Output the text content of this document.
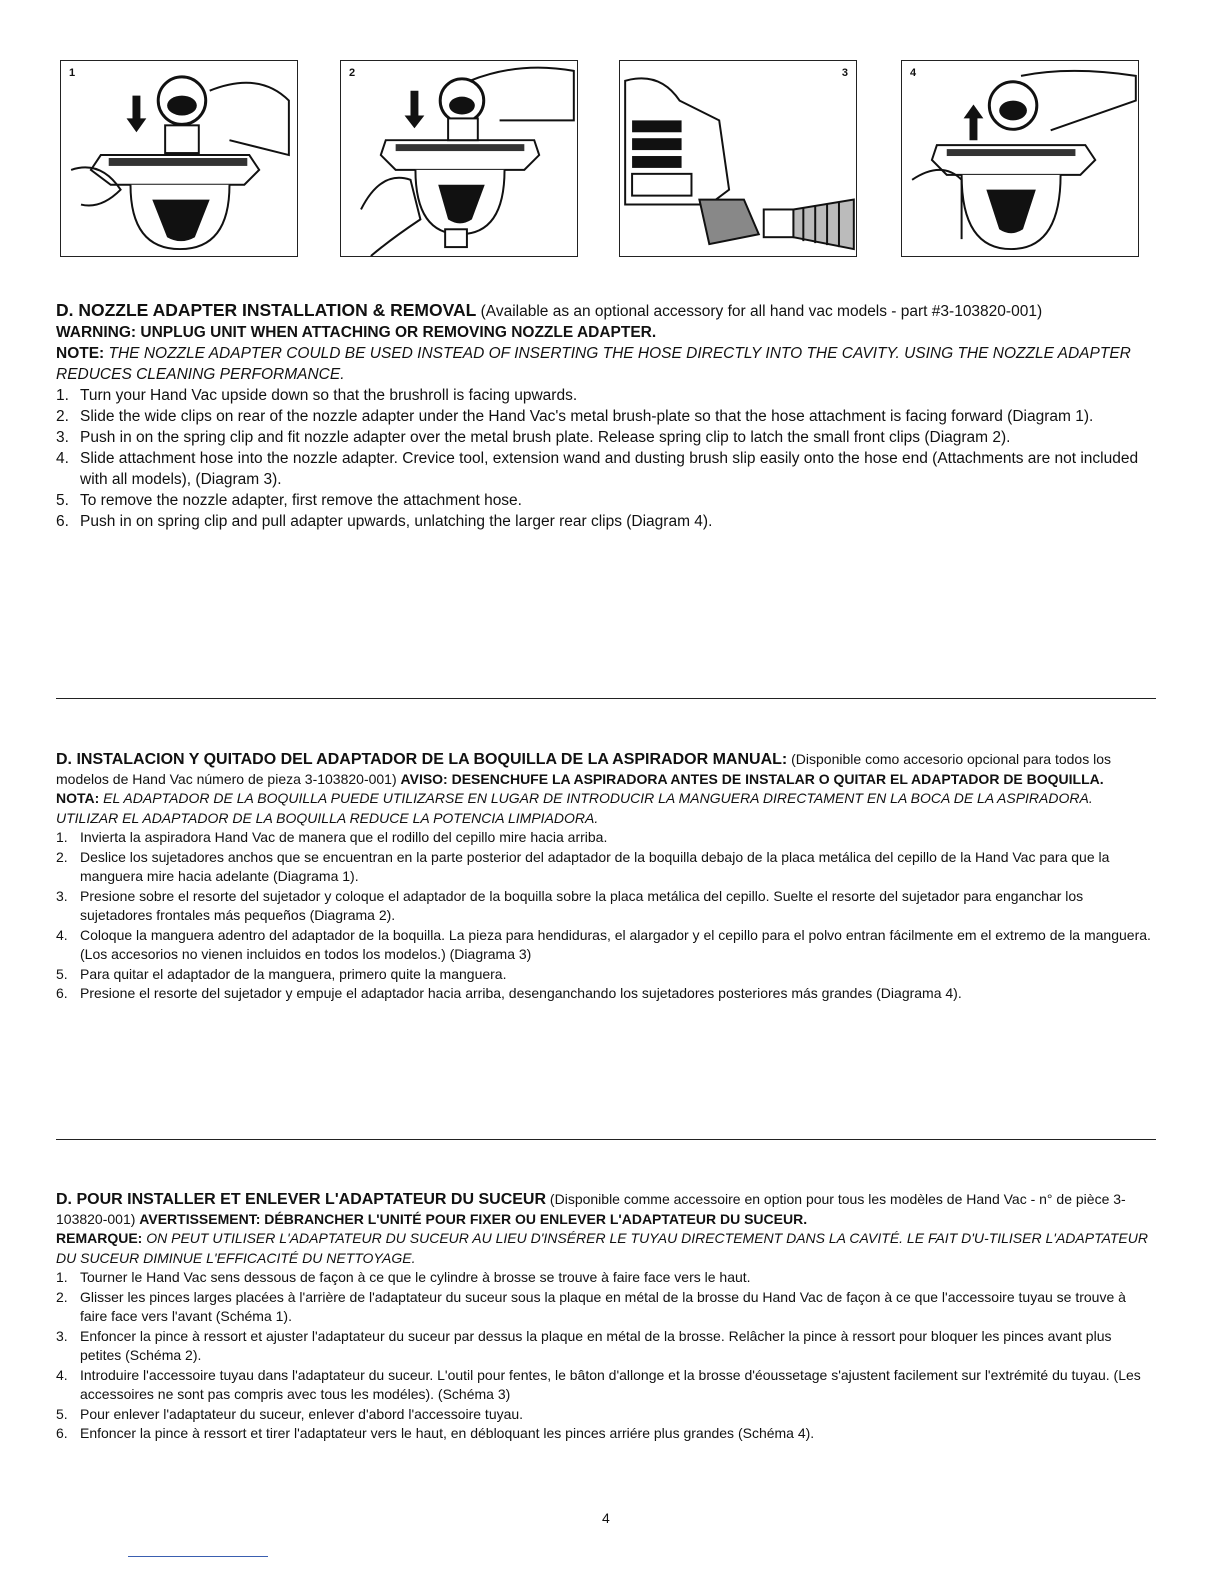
1	2	3	4
D. NOZZLE ADAPTER INSTALLATION & REMOVAL (Available as an optional accessory for all hand vac models - part #3-103820-001)
WARNING: UNPLUG UNIT WHEN ATTACHING OR REMOVING NOZZLE ADAPTER.
NOTE: THE NOZZLE ADAPTER COULD BE USED INSTEAD OF INSERTING THE HOSE DIRECTLY INTO THE CAVITY. USING THE NOZZLE ADAPTER REDUCES CLEANING PERFORMANCE.
1. Turn your Hand Vac upside down so that the brushroll is facing upwards.
2. Slide the wide clips on rear of the nozzle adapter under the Hand Vac's metal brush-plate so that the hose attachment is facing forward (Diagram 1).
3. Push in on the spring clip and fit nozzle adapter over the metal brush plate. Release spring clip to latch the small front clips (Diagram 2).
4. Slide attachment hose into the nozzle adapter. Crevice tool, extension wand and dusting brush slip easily onto the hose end (Attachments are not included with all models), (Diagram 3).
5. To remove the nozzle adapter, first remove the attachment hose.
6. Push in on spring clip and pull adapter upwards, unlatching the larger rear clips (Diagram 4).
D. INSTALACION Y QUITADO DEL ADAPTADOR DE LA BOQUILLA DE LA ASPIRADOR MANUAL: (Disponible como accesorio opcional para todos los modelos de Hand Vac número de pieza 3-103820-001) AVISO: DESENCHUFE LA ASPIRADORA ANTES DE INSTALAR O QUITAR EL ADAPTADOR DE BOQUILLA.
NOTA: EL ADAPTADOR DE LA BOQUILLA PUEDE UTILIZARSE EN LUGAR DE INTRODUCIR LA MANGUERA DIRECTAMENT EN LA BOCA DE LA ASPIRADORA. UTILIZAR EL ADAPTADOR DE LA BOQUILLA REDUCE LA POTENCIA LIMPIADORA.
1. Invierta la aspiradora Hand Vac de manera que el rodillo del cepillo mire hacia arriba.
2. Deslice los sujetadores anchos que se encuentran en la parte posterior del adaptador de la boquilla debajo de la placa metálica del cepillo de la Hand Vac para que la manguera mire hacia adelante (Diagrama 1).
3. Presione sobre el resorte del sujetador y coloque el adaptador de la boquilla sobre la placa metálica del cepillo. Suelte el resorte del sujetador para enganchar los sujetadores frontales más pequeños (Diagrama 2).
4. Coloque la manguera adentro del adaptador de la boquilla. La pieza para hendiduras, el alargador y el cepillo para el polvo entran fácilmente em el extremo de la manguera. (Los accesorios no vienen incluidos en todos los modelos.) (Diagrama 3)
5. Para quitar el adaptador de la manguera, primero quite la manguera.
6. Presione el resorte del sujetador y empuje el adaptador hacia arriba, desenganchando los sujetadores posteriores más grandes (Diagrama 4).
D. POUR INSTALLER ET ENLEVER L'ADAPTATEUR DU SUCEUR (Disponible comme accessoire en option pour tous les modèles de Hand Vac - n° de pièce 3-103820-001) AVERTISSEMENT: DÉBRANCHER L'UNITÉ POUR FIXER OU ENLEVER L'ADAPTATEUR DU SUCEUR.
REMARQUE: ON PEUT UTILISER L'ADAPTATEUR DU SUCEUR AU LIEU D'INSÉRER LE TUYAU DIRECTEMENT DANS LA CAVITÉ. LE FAIT D'U-TILISER L'ADAPTATEUR DU SUCEUR DIMINUE L'EFFICACITÉ DU NETTOYAGE.
1. Tourner le Hand Vac sens dessous de façon à ce que le cylindre à brosse se trouve à faire face vers le haut.
2. Glisser les pinces larges placées à l'arrière de l'adaptateur du suceur sous la plaque en métal de la brosse du Hand Vac de façon à ce que l'accessoire tuyau se trouve à faire face vers l'avant (Schéma 1).
3. Enfoncer la pince à ressort et ajuster l'adaptateur du suceur par dessus la plaque en métal de la brosse. Relâcher la pince à ressort pour bloquer les pinces avant plus petites (Schéma 2).
4. Introduire l'accessoire tuyau dans l'adaptateur du suceur. L'outil pour fentes, le bâton d'allonge et la brosse d'éoussetage s'ajustent facilement sur l'extrémité du tuyau. (Les accessoires ne sont pas compris avec tous les modéles). (Schéma 3)
5. Pour enlever l'adaptateur du suceur, enlever d'abord l'accessoire tuyau.
6. Enfoncer la pince à ressort et tirer l'adaptateur vers le haut, en débloquant les pinces arriére plus grandes (Schéma 4).
4
